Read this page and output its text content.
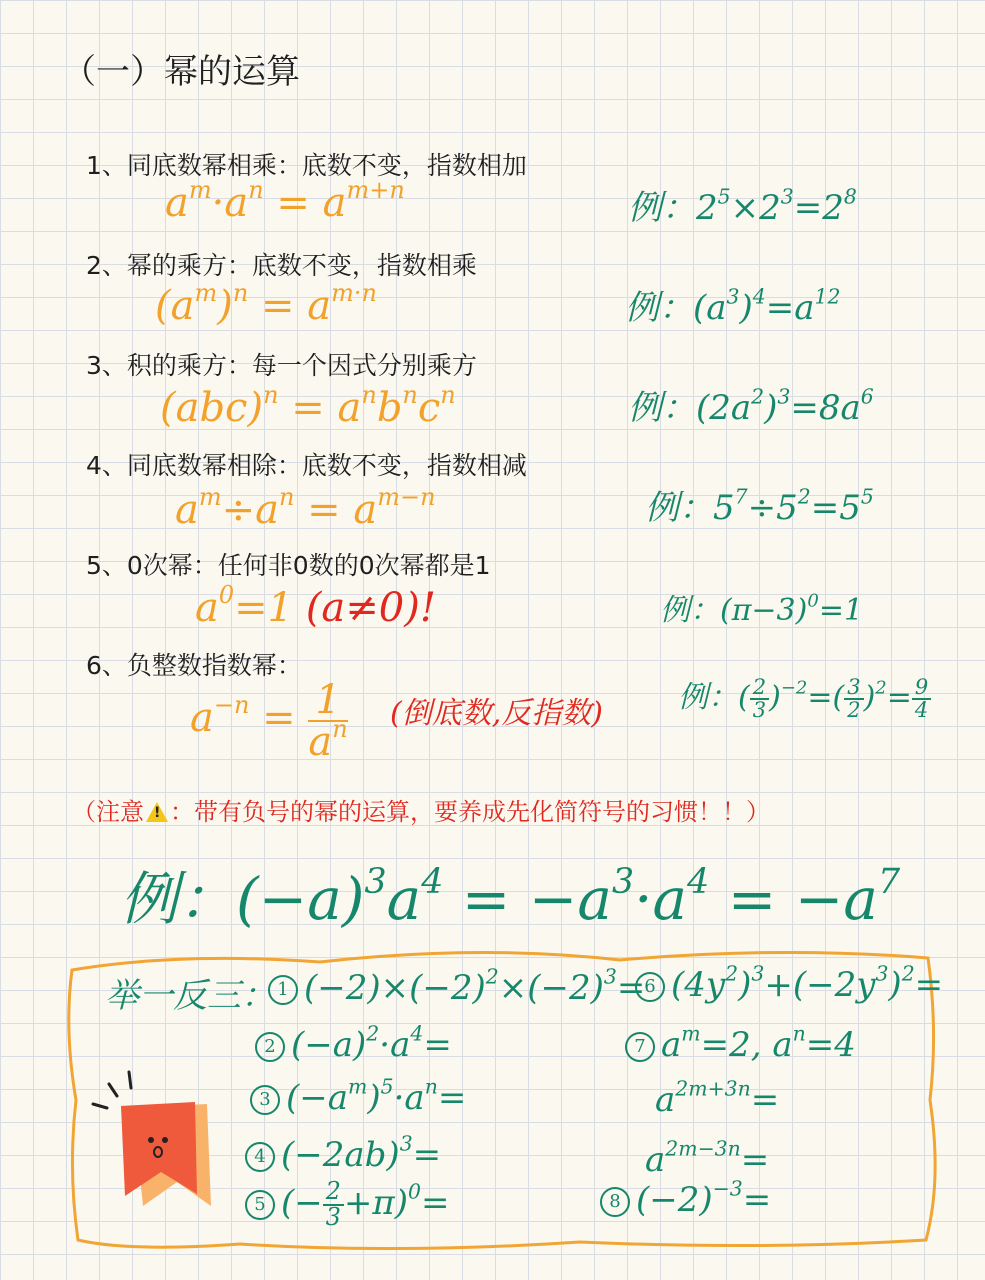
（一）幂的运算
1、同底数幂相乘：底数不变，指数相加
$a^m\cdot a^n = a^{m+n}$	例：$2^5\times 2^3=2^8$
2、幂的乘方：底数不变，指数相乘
$(a^m)^n = a^{m\cdot n}$	例：$(a^3)^4=a^{12}$
3、积的乘方：每一个因式分别乘方
$(abc)^n = a^nb^nc^n$	例：$(2a^2)^3=8a^6$
4、同底数幂相除：底数不变，指数相减
$a^m\div a^n = a^{m-n}$	例：$5^7\div 5^2=5^5$
5、0次幂：任何非0数的0次幂都是1
$a^0=1$ (a≠0)!	例：$(\pi-3)^0=1$
6、负整数指数幂：
$a^{-n} = \frac{1}{a^n}$ (倒底数,反指数)	例：( $\frac{2}{3} )^{-2}=( \frac{3}{2} )^2= \frac{9}{4}$
（注意! ：带有负号的幂的运算，要养成先化简符号的习惯！！）
例：$(-a)^3a^4 = -a^3\cdot a^4 = -a^7$
举一反三： 1 $(-2)\times(-2)^2\times(-2)^3=$
2 $(-a)^2\cdot a^4=$
3 $(-a^m)^5\cdot a^n=$
4 $(-2ab)^3=$
5 (− $\frac{2}{3} +\pi)^0=$
6 $(4y^2)^3+(-2y^3)^2=$
7 $a^m=2$, $a^n=4$
$a^{2m+3n}=$
$a^{2m-3n}=$
8 $(-2)^{-3}=$
